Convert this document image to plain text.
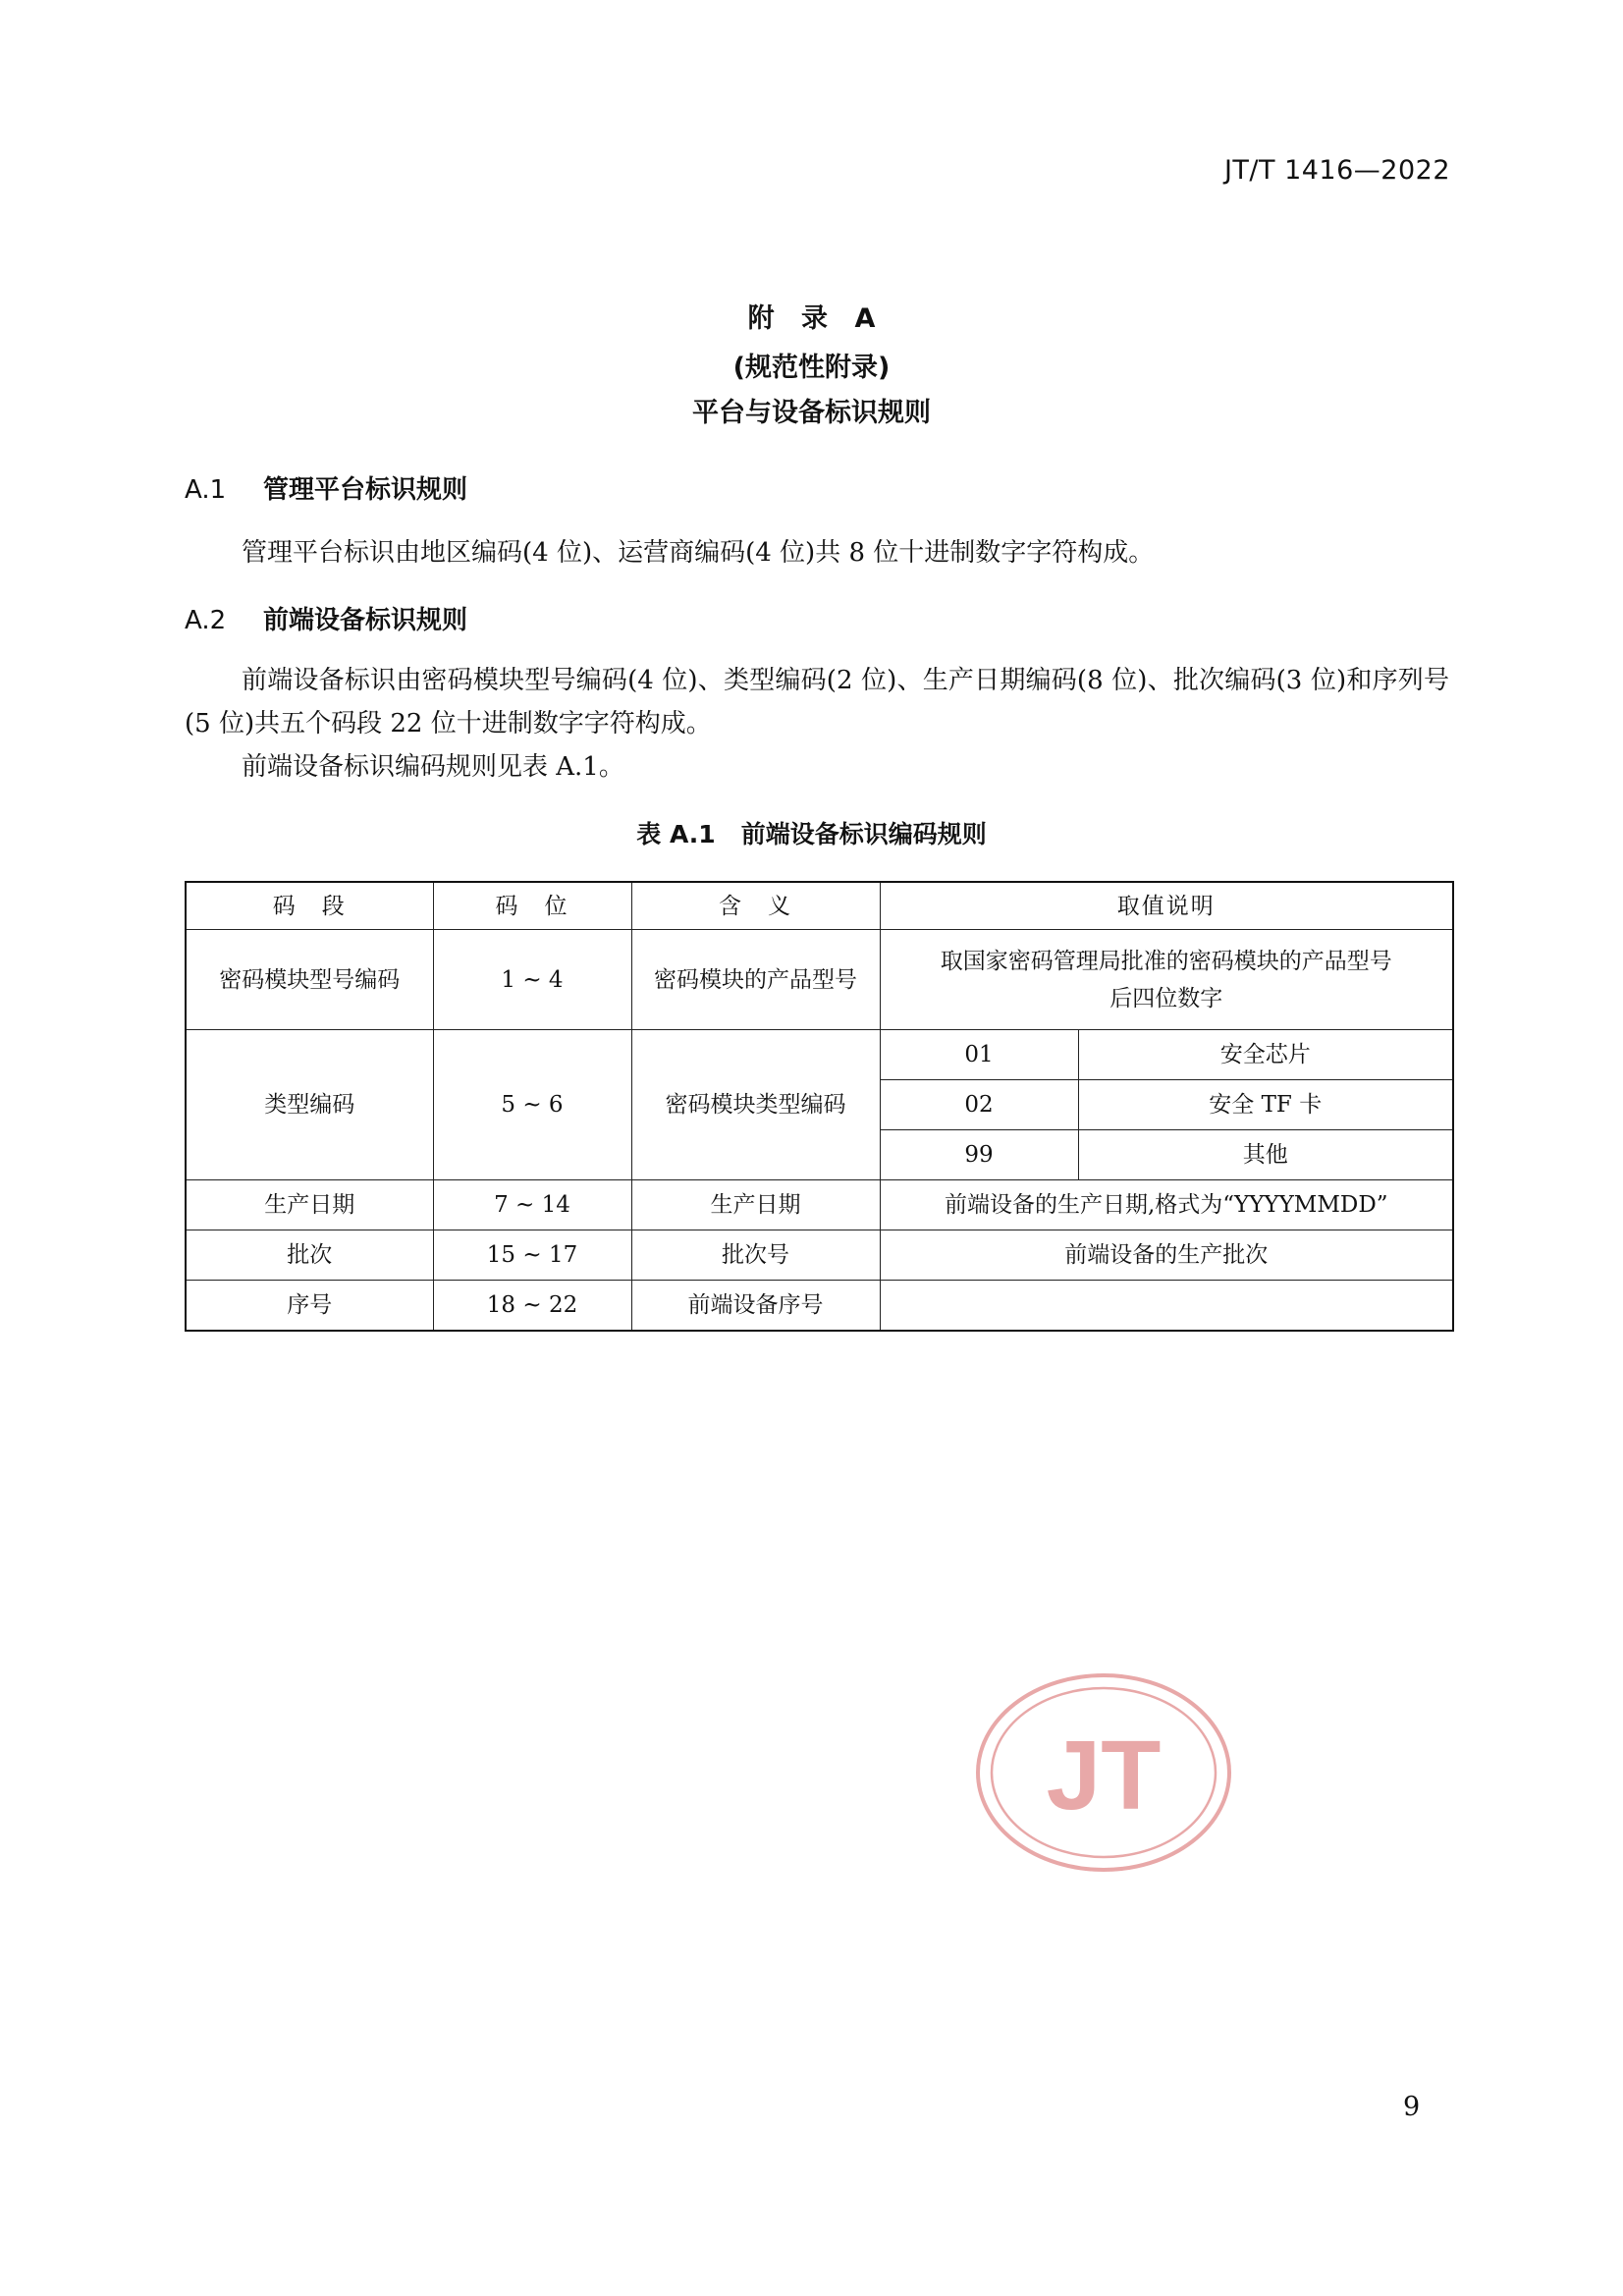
JT/T 1416—2022
附 录 A
(规范性附录)
平台与设备标识规则
A.1 管理平台标识规则
管理平台标识由地区编码(4 位)、运营商编码(4 位)共 8 位十进制数字字符构成。
A.2 前端设备标识规则
前端设备标识由密码模块型号编码(4 位)、类型编码(2 位)、生产日期编码(8 位)、批次编码(3 位)和序列号(5 位)共五个码段 22 位十进制数字字符构成。
前端设备标识编码规则见表 A.1。
表 A.1 前端设备标识编码规则
码　段	码　位	含　义	取值说明	
密码模块型号编码	1 ~ 4	密码模块的产品型号	取国家密码管理局批准的密码模块的产品型号后四位数字	
类型编码	5 ~ 6	密码模块类型编码	01	安全芯片
			02	安全 TF 卡
			99	其他
生产日期	7 ~ 14	生产日期	前端设备的生产日期,格式为“YYYYMMDD”	
批次	15 ~ 17	批次号	前端设备的生产批次	
序号	18 ~ 22	前端设备序号		
JT
9
